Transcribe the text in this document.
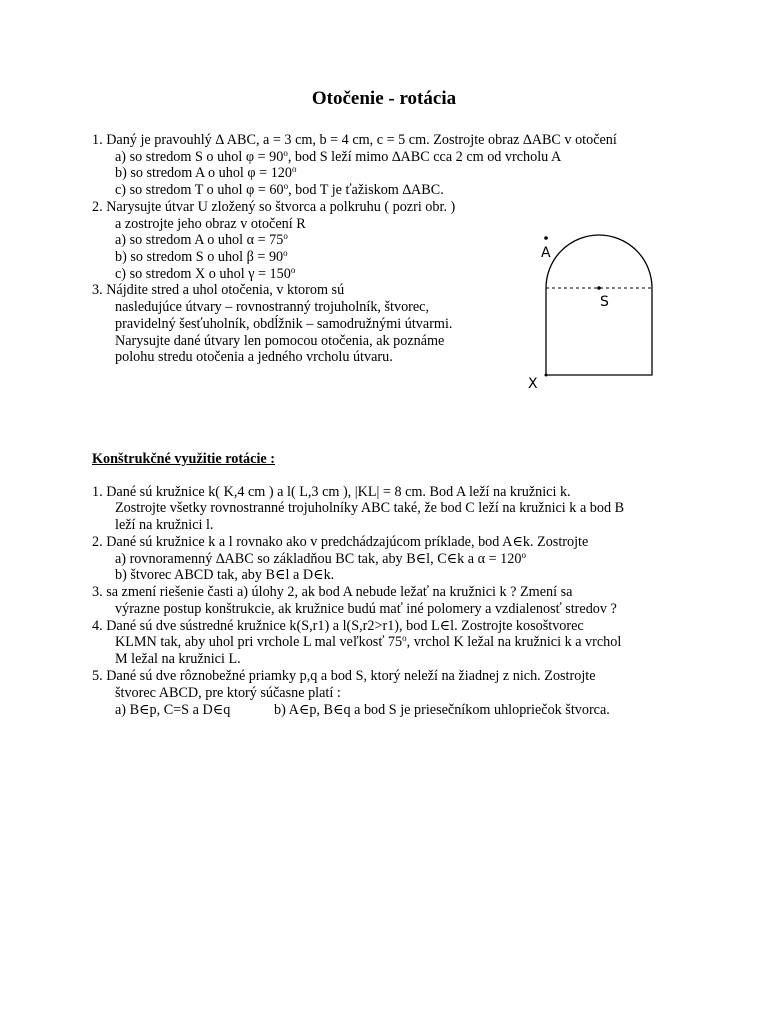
Otočenie - rotácia
1. Daný je pravouhlý ∆ ABC, a = 3 cm, b = 4 cm, c = 5 cm. Zostrojte obraz ∆ABC v otočení
a) so stredom S o uhol $\varphi = 90^o$, bod S leží mimo ∆ABC cca 2 cm od vrcholu A
b) so stredom A o uhol $\varphi = 120^o$
c) so stredom T o uhol $\varphi = 60^o$, bod T je ťažiskom ∆ABC.
2. Narysujte útvar U zložený so štvorca a polkruhu ( pozri obr. )
a zostrojte jeho obraz v otočení R
a) so stredom A o uhol $\alpha = 75^o$
b) so stredom S o uhol $\beta = 90^o$
c) so stredom X o uhol $\gamma = 150^o$
3. Nájdite stred a uhol otočenia, v ktorom sú
nasledujúce útvary – rovnostranný trojuholník, štvorec,
pravidelný šesťuholník, obdĺžnik – samodružnými útvarmi.
Narysujte dané útvary len pomocou otočenia, ak poznáme
polohu stredu otočenia a jedného vrcholu útvaru.
A
S
X
Konštrukčné využitie rotácie :
1. Dané sú kružnice k( K,4 cm ) a l( L,3 cm ), |KL| = 8 cm. Bod A leží na kružnici k.
Zostrojte všetky rovnostranné trojuholníky ABC také, že bod C leží na kružnici k a bod B
leží na kružnici l.
2. Dané sú kružnice k a l rovnako ako v predchádzajúcom príklade, bod A∈k. Zostrojte
a) rovnoramenný ∆ABC so základňou BC tak, aby B∈l, C∈k a $\alpha = 120^o$
b) štvorec ABCD tak, aby B∈l a D∈k.
3. sa zmení riešenie časti a) úlohy 2, ak bod A nebude ležať na kružnici k ? Zmení sa
výrazne postup konštrukcie, ak kružnice budú mať iné polomery a vzdialenosť stredov ?
4. Dané sú dve sústredné kružnice k(S,r1) a l(S,r2>r1), bod L∈l. Zostrojte kosoštvorec
KLMN tak, aby uhol pri vrchole L mal veľkosť 75$^o$, vrchol K ležal na kružnici k a vrchol
M ležal na kružnici L.
5. Dané sú dve rôznobežné priamky p,q a bod S, ktorý neleží na žiadnej z nich. Zostrojte
štvorec ABCD, pre ktorý súčasne platí :
a) B∈p, C=S a D∈q	b) A∈p, B∈q a bod S je priesečníkom uhlopriečok štvorca.
